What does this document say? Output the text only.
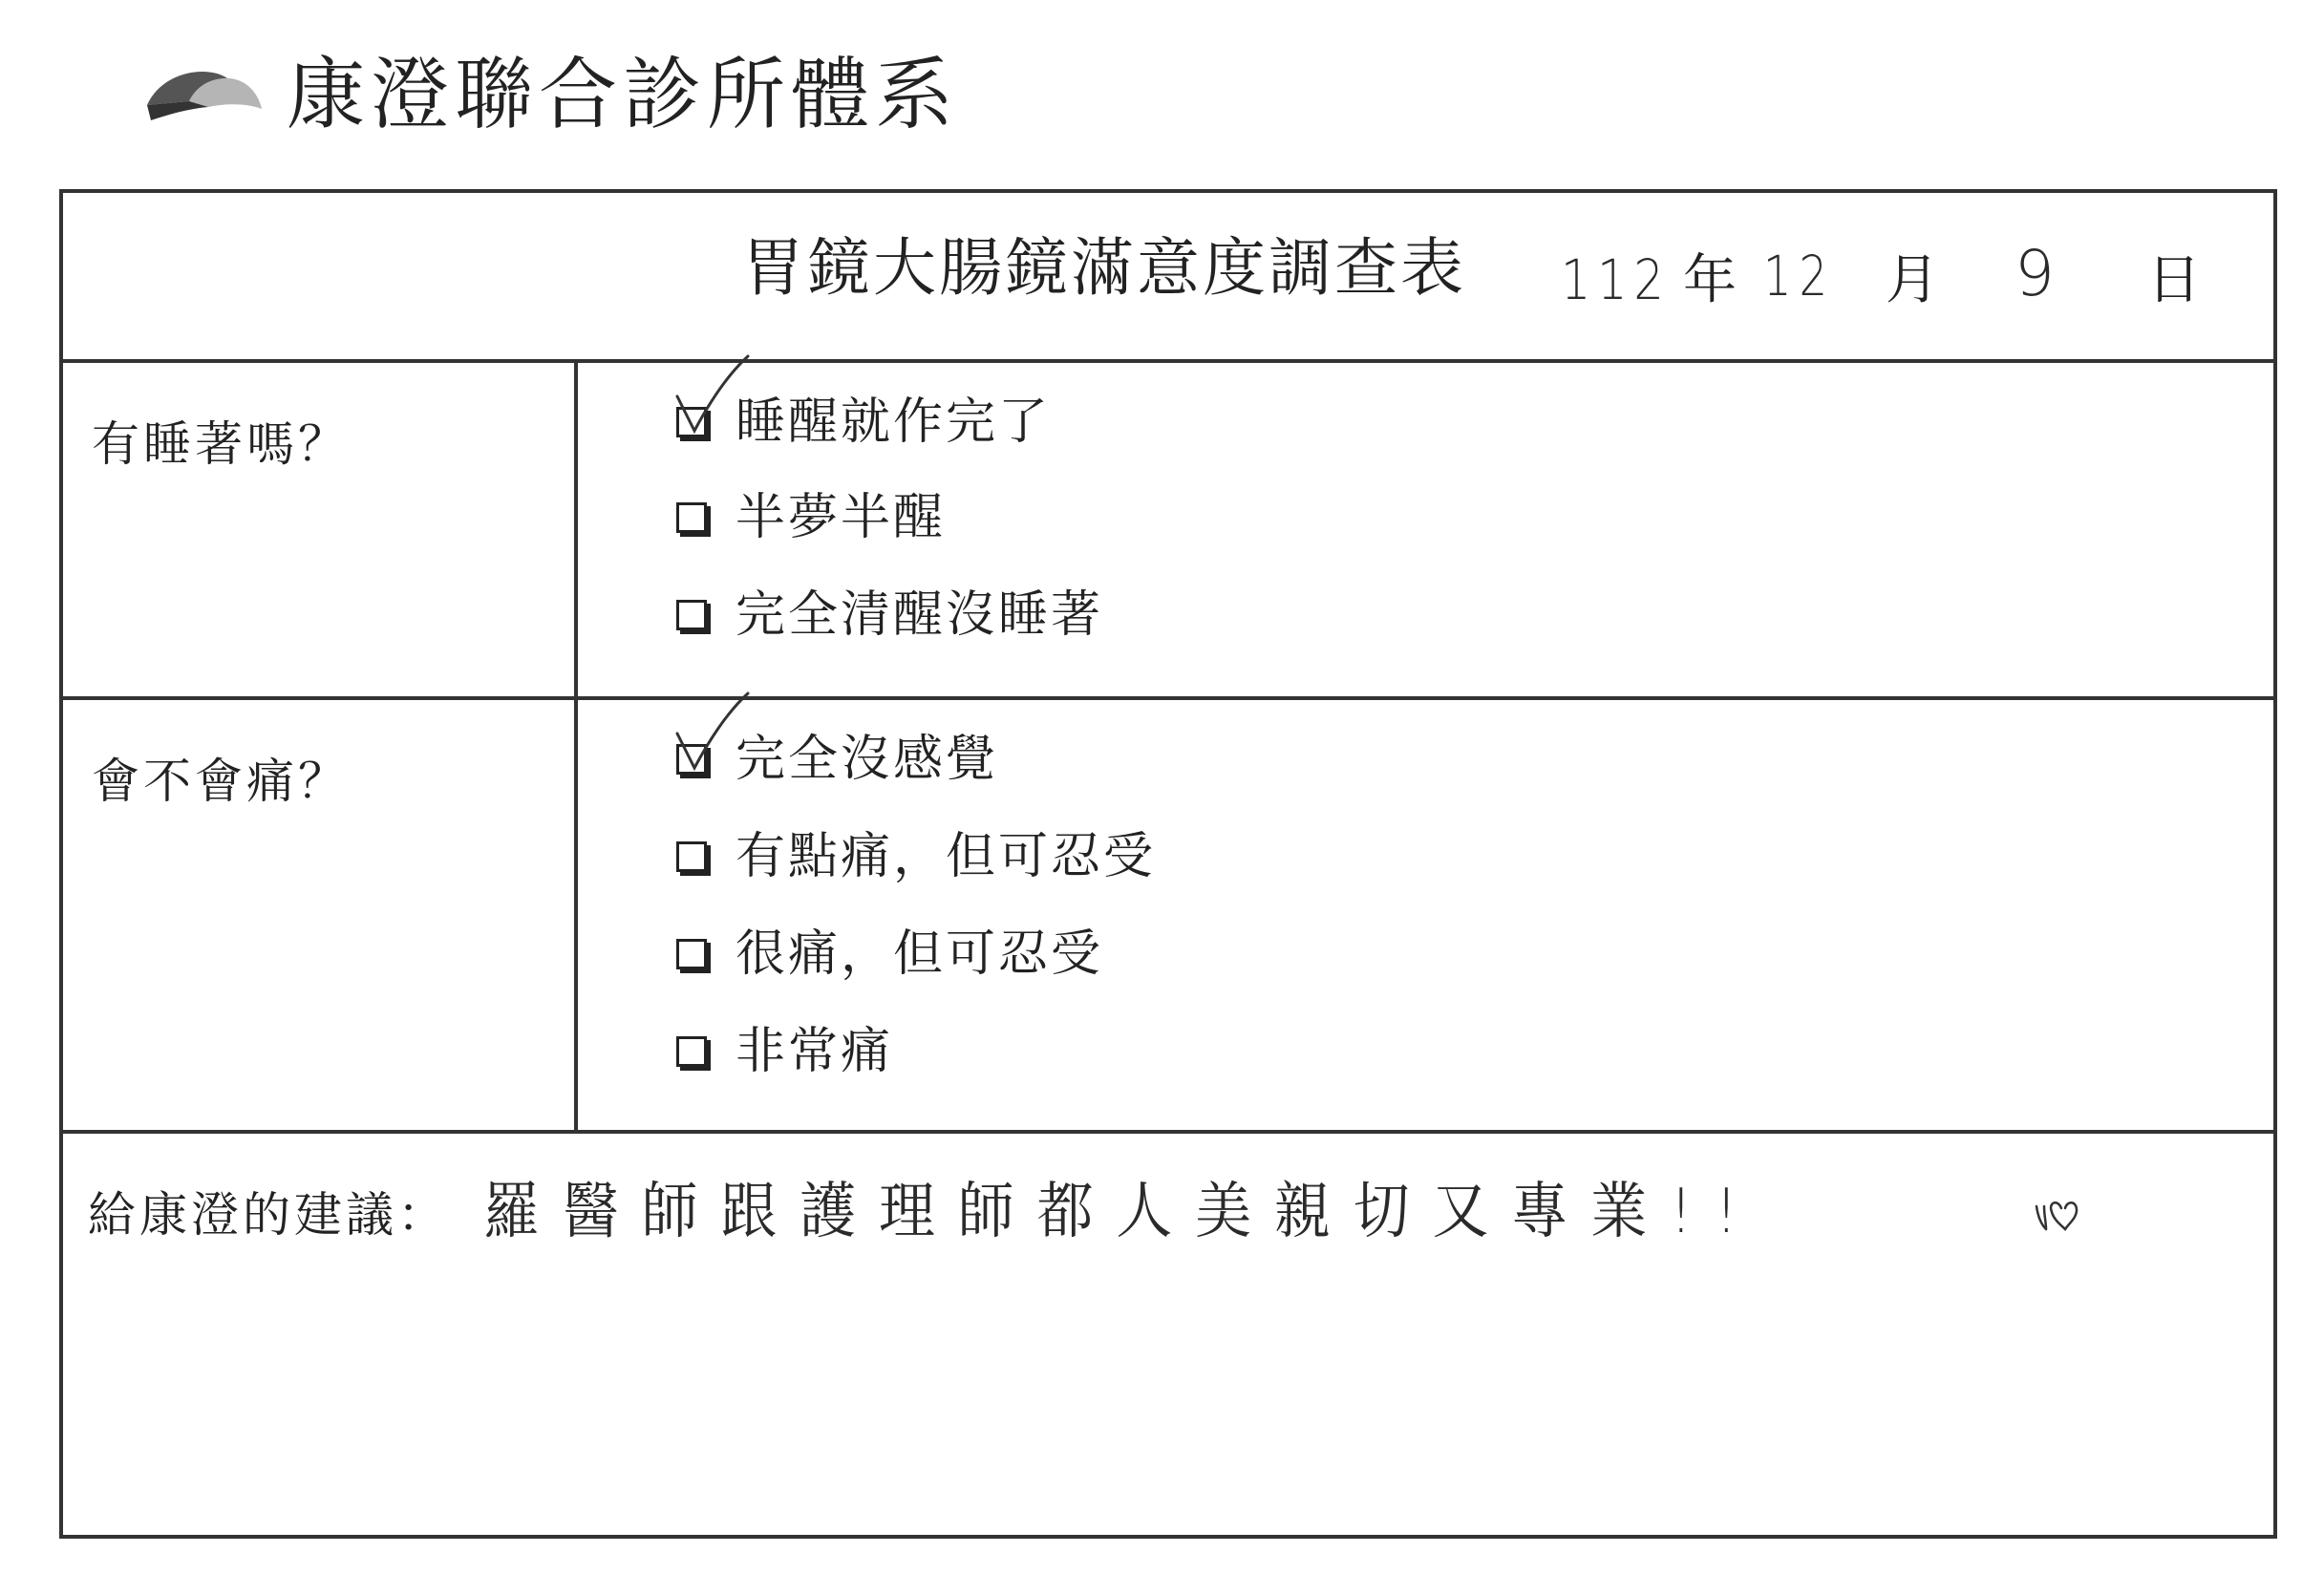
康澄聯合診所體系
胃鏡大腸鏡滿意度調查表 112 年 12 月 9 日
有睡著嗎？	睡醒就作完了
半夢半醒
完全清醒沒睡著
會不會痛？	完全沒感覺
有點痛，但可忍受
很痛，但可忍受
非常痛
給康澄的建議： 羅醫師跟護理師都人美親切又專業!!
